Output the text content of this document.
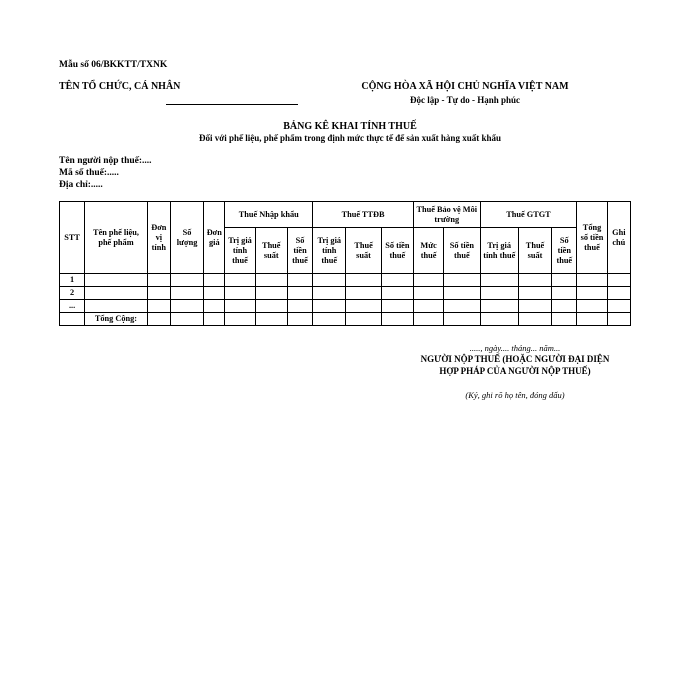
Mẫu số 06/BKKTT/TXNK
TÊN TỔ CHỨC, CÁ NHÂN	CỘNG HÒA XÃ HỘI CHỦ NGHĨA VIỆT NAM
Độc lập - Tự do - Hạnh phúc
BẢNG KÊ KHAI TÍNH THUẾ
Đối với phế liệu, phế phẩm trong định mức thực tế để sản xuất hàng xuất khẩu
Tên người nộp thuế:....
Mã số thuế:.....
Địa chỉ:.....
STT	Tên phế liệu, phế phẩm	Đơn vị tính	Số lượng	Đơn giá	Thuế Nhập khẩu			Thuế TTĐB			Thuế Bảo vệ Môi trường		Thuế GTGT			Tổng số tiền thuế	Ghi chú
					Trị giá tính thuế	Thuế suất	Số tiền thuế	Trị giá tính thuế	Thuế suất	Số tiền thuế	Mức thuế	Số tiền thuế	Trị giá tính thuế	Thuế suất	Số tiền thuế		
1																	
2																	
...																	
	Tổng Cộng:																
....., ngày.... tháng... năm...
NGƯỜI NỘP THUẾ (HOẶC NGƯỜI ĐẠI DIỆN HỢP PHÁP CỦA NGƯỜI NỘP THUẾ)
(Ký, ghi rõ họ tên, đóng dấu)
